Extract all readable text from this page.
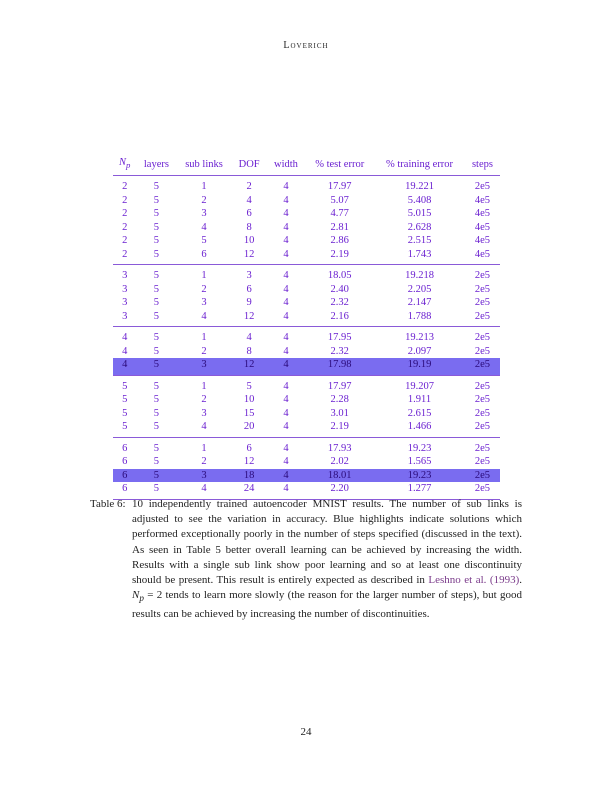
Loverich
$N_p$	layers	sub links	DOF	width	% test error	% training error	steps
2	5	1	2	4	17.97	19.221	2e5
2	5	2	4	4	5.07	5.408	4e5
2	5	3	6	4	4.77	5.015	4e5
2	5	4	8	4	2.81	2.628	4e5
2	5	5	10	4	2.86	2.515	4e5
2	5	6	12	4	2.19	1.743	4e5
3	5	1	3	4	18.05	19.218	2e5
3	5	2	6	4	2.40	2.205	2e5
3	5	3	9	4	2.32	2.147	2e5
3	5	4	12	4	2.16	1.788	2e5
4	5	1	4	4	17.95	19.213	2e5
4	5	2	8	4	2.32	2.097	2e5
4	5	3	12	4	17.98	19.19	2e5
5	5	1	5	4	17.97	19.207	2e5
5	5	2	10	4	2.28	1.911	2e5
5	5	3	15	4	3.01	2.615	2e5
5	5	4	20	4	2.19	1.466	2e5
6	5	1	6	4	17.93	19.23	2e5
6	5	2	12	4	2.02	1.565	2e5
6	5	3	18	4	18.01	19.23	2e5
6	5	4	24	4	2.20	1.277	2e5
Table 6: 10 independently trained autoencoder MNIST results. The number of sub links is adjusted to see the variation in accuracy. Blue highlights indicate solutions which performed exceptionally poorly in the number of steps specified (discussed in the text). As seen in Table 5 better overall learning can be achieved by increasing the width. Results with a single sub link show poor learning and so at least one discontinuity should be present. This result is entirely expected as described in Leshno et al. (1993). $N_p = 2$ tends to learn more slowly (the reason for the larger number of steps), but good results can be achieved by increasing the number of discontinuities.
24
